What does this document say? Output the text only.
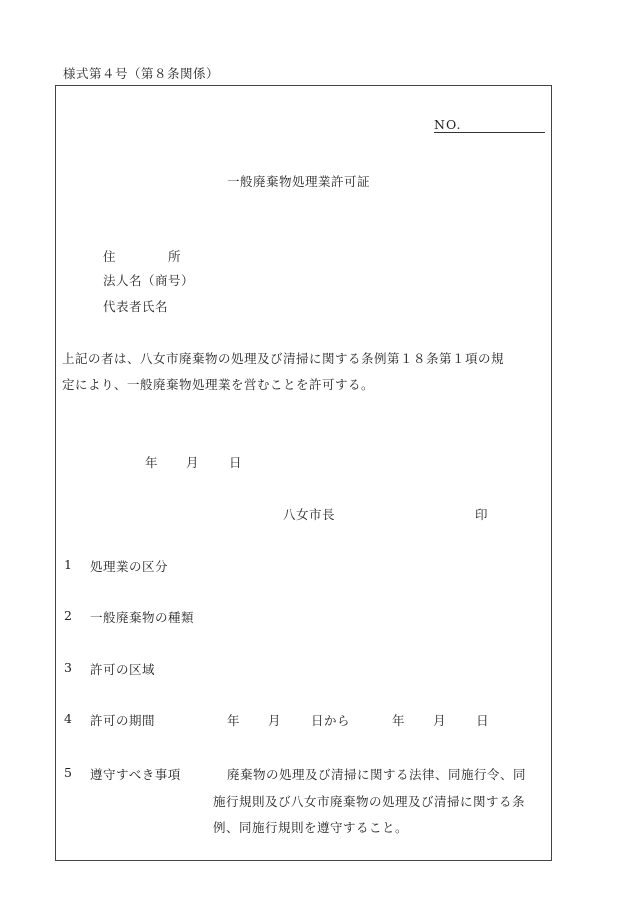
様式第４号（第８条関係）
NO.
一般廃棄物処理業許可証
住	所
法人名（商号）
代表者氏名
上記の者は、八女市廃棄物の処理及び清掃に関する条例第１８条第１項の規
定により、一般廃棄物処理業を営むことを許可する。
年 月 日
八女市長	印
1 処理業の区分
2 一般廃棄物の種類
3 許可の区域
4 許可の期間	年 月 日から	年 月 日
5 遵守すべき事項	廃棄物の処理及び清掃に関する法律、同施行令、同
施行規則及び八女市廃棄物の処理及び清掃に関する条
例、同施行規則を遵守すること。
